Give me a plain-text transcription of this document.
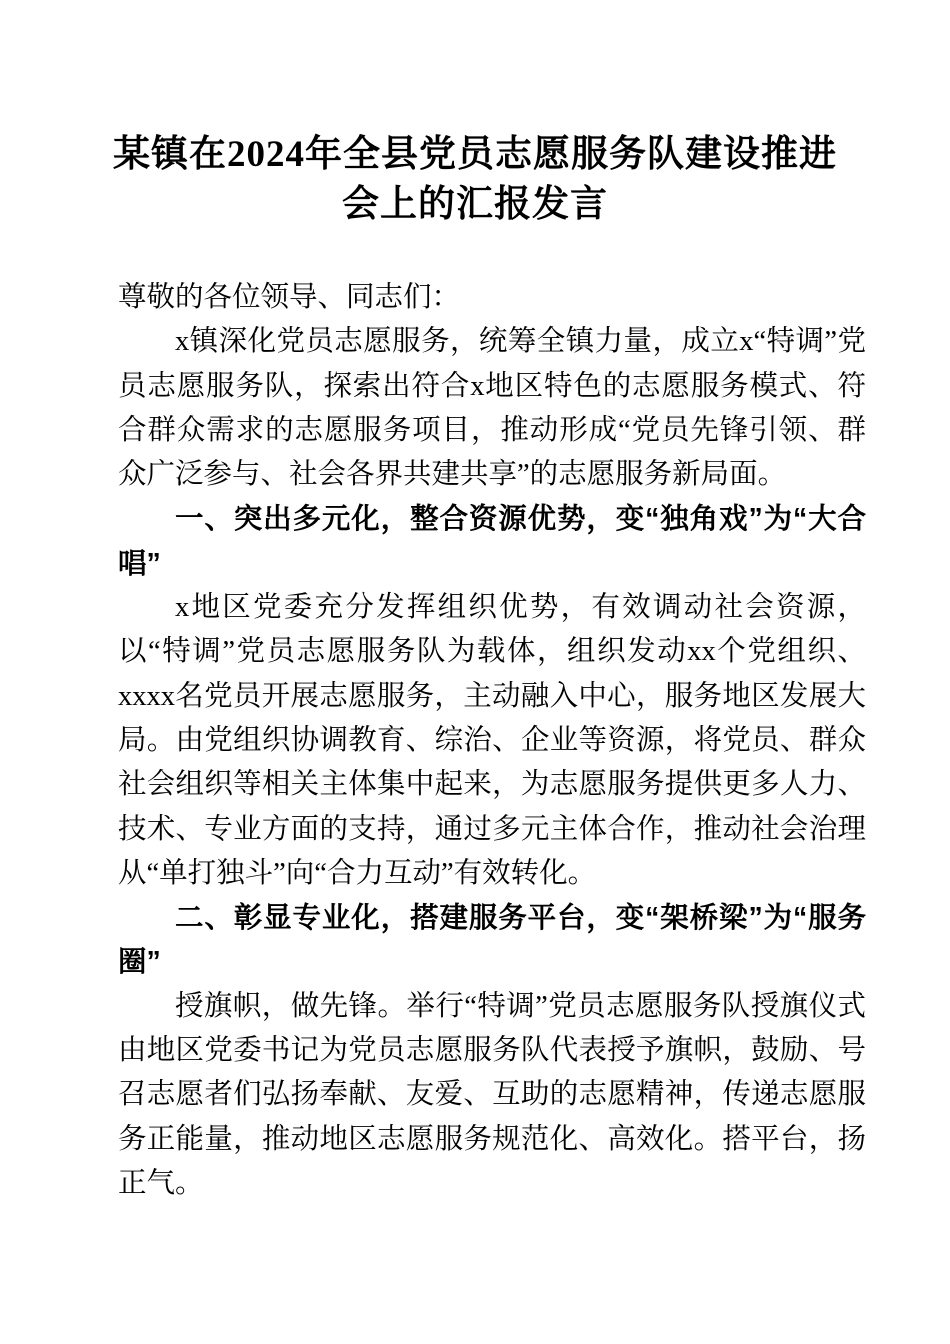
某镇在2024年全县党员志愿服务队建设推进
会上的汇报发言

尊敬的各位领导、同志们：

x镇深化党员志愿服务，统筹全镇力量，成立x“特调”党员志愿服务队，探索出符合x地区特色的志愿服务模式、符合群众需求的志愿服务项目，推动形成“党员先锋引领、群众广泛参与、社会各界共建共享”的志愿服务新局面。

一、突出多元化，整合资源优势，变“独角戏”为“大合唱”

x地区党委充分发挥组织优势，有效调动社会资源，以“特调”党员志愿服务队为载体，组织发动xx个党组织、xxxx名党员开展志愿服务，主动融入中心，服务地区发展大局。由党组织协调教育、综治、企业等资源，将党员、群众社会组织等相关主体集中起来，为志愿服务提供更多人力、技术、专业方面的支持，通过多元主体合作，推动社会治理从“单打独斗”向“合力互动”有效转化。

二、彰显专业化，搭建服务平台，变“架桥梁”为“服务圈”

授旗帜，做先锋。举行“特调”党员志愿服务队授旗仪式由地区党委书记为党员志愿服务队代表授予旗帜，鼓励、号召志愿者们弘扬奉献、友爱、互助的志愿精神，传递志愿服务正能量，推动地区志愿服务规范化、高效化。搭平台，扬正气。
